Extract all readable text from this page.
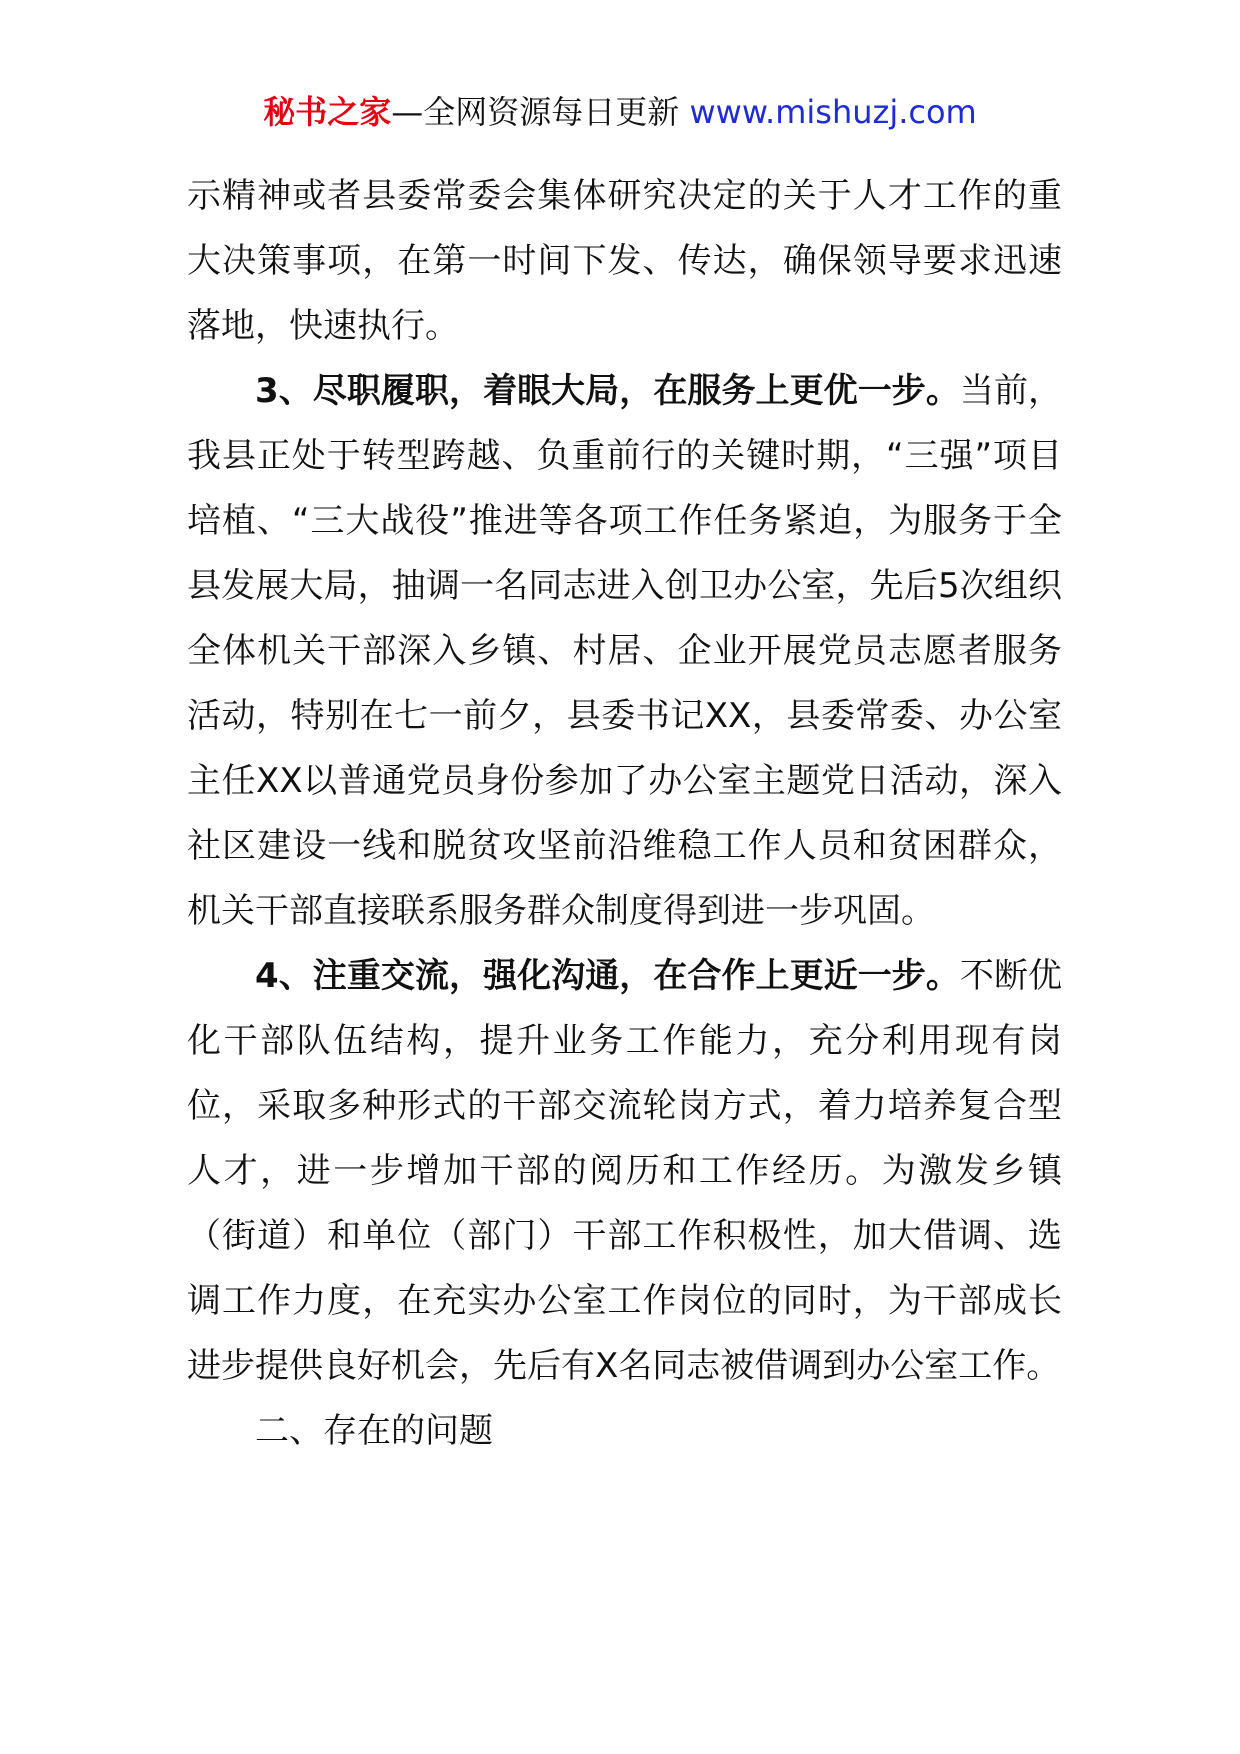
秘书之家—全网资源每日更新 www.mishuzj.com

示精神或者县委常委会集体研究决定的关于人才工作的重大决策事项，在第一时间下发、传达，确保领导要求迅速落地，快速执行。

3、尽职履职，着眼大局，在服务上更优一步。当前，我县正处于转型跨越、负重前行的关键时期，“三强”项目培植、“三大战役”推进等各项工作任务紧迫，为服务于全县发展大局，抽调一名同志进入创卫办公室，先后5次组织全体机关干部深入乡镇、村居、企业开展党员志愿者服务活动，特别在七一前夕，县委书记XX，县委常委、办公室主任XX以普通党员身份参加了办公室主题党日活动，深入社区建设一线和脱贫攻坚前沿维稳工作人员和贫困群众，机关干部直接联系服务群众制度得到进一步巩固。

4、注重交流，强化沟通，在合作上更近一步。不断优化干部队伍结构，提升业务工作能力，充分利用现有岗位，采取多种形式的干部交流轮岗方式，着力培养复合型人才，进一步增加干部的阅历和工作经历。为激发乡镇（街道）和单位（部门）干部工作积极性，加大借调、选调工作力度，在充实办公室工作岗位的同时，为干部成长进步提供良好机会，先后有X名同志被借调到办公室工作。

二、存在的问题
